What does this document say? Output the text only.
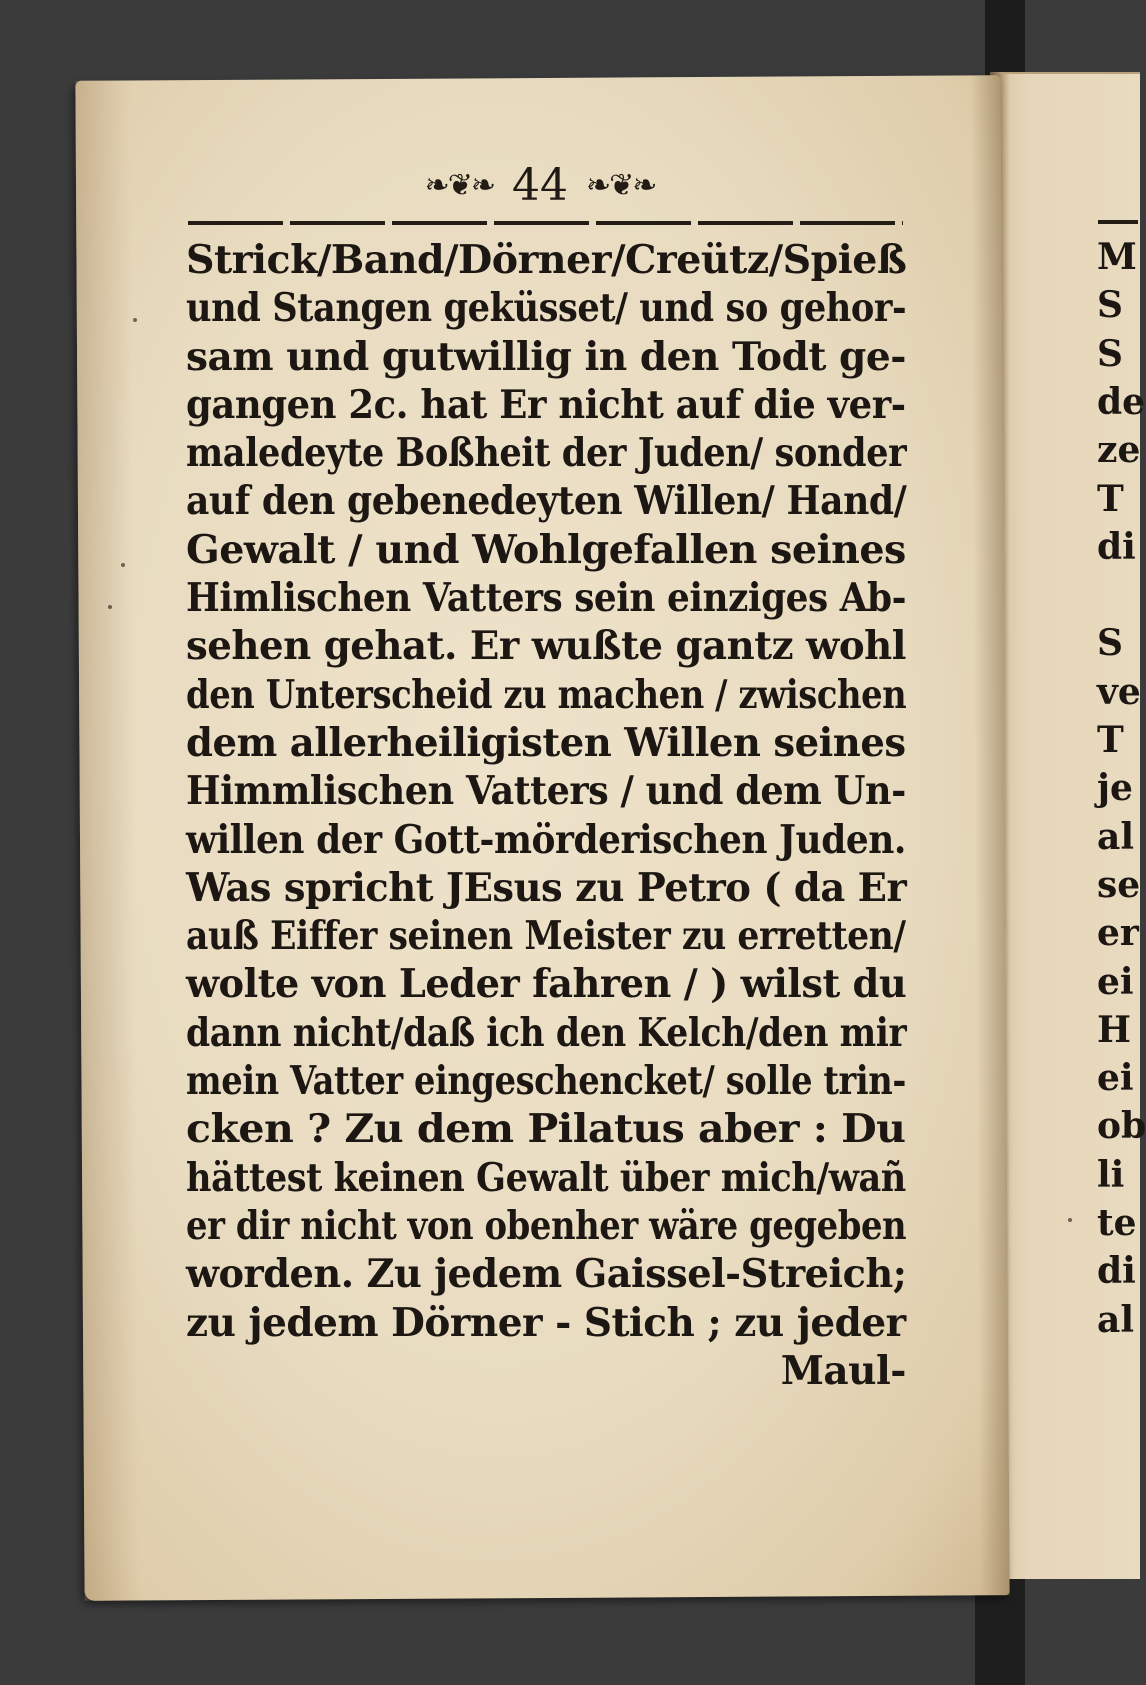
M
S
S
de
ze
T
di
S
ve
T
je
al
se
er
ei
H
ei
ob
li
te
di
al
❧❦❧ 44 ❧❦❧
Strick/Band/Dörner/Creütz/Spieß
und Stangen geküsset/ und so gehor-
sam und gutwillig in den Todt ge-
gangen 2c. hat Er nicht auf die ver-
maledeyte Boßheit der Juden/ sonder
auf den gebenedeyten Willen/ Hand/
Gewalt / und Wohlgefallen seines
Himlischen Vatters sein einziges Ab-
sehen gehat. Er wußte gantz wohl
den Unterscheid zu machen / zwischen
dem allerheiligisten Willen seines
Himmlischen Vatters / und dem Un-
willen der Gott-mörderischen Juden.
Was spricht JEsus zu Petro ( da Er
auß Eiffer seinen Meister zu erretten/
wolte von Leder fahren / ) wilst du
dann nicht/daß ich den Kelch/den mir
mein Vatter eingeschencket/ solle trin-
cken ? Zu dem Pilatus aber : Du
hättest keinen Gewalt über mich/wañ
er dir nicht von obenher wäre gegeben
worden. Zu jedem Gaissel-Streich;
zu jedem Dörner - Stich ; zu jeder
Maul-
